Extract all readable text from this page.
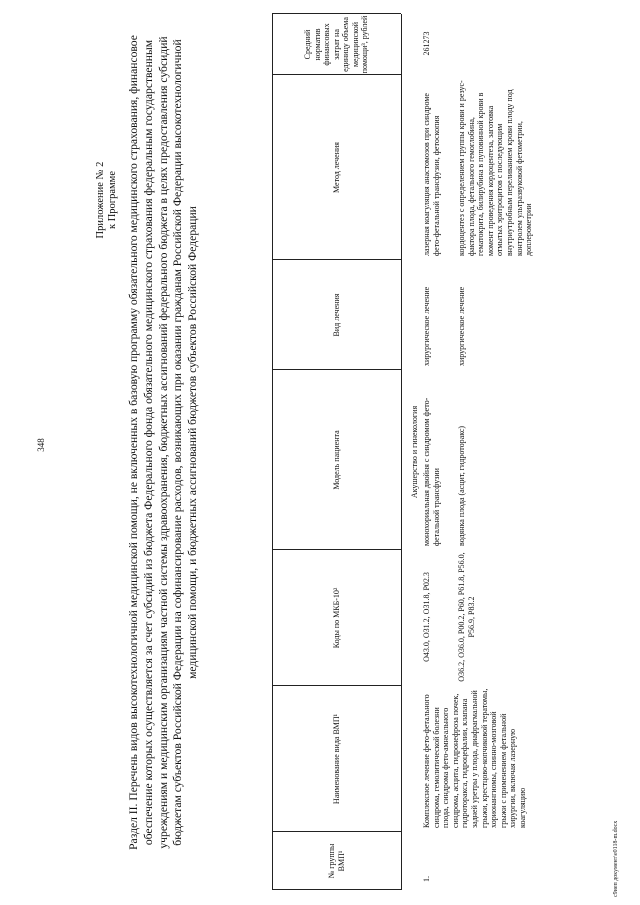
348
Приложение № 2 к Программе Раздел II. Перечень видов высокотехнологичной медицинской помощи, не включенных в базовую программу обязательного медицинского страхования, финансовое обеспечение которых осуществляется за счет субсидий из бюджета Федерального фонда обязательного медицинского страхования федеральным государственным учреждениям и медицинским организациям частной системы здравоохранения, бюджетных ассигнований федерального бюджета в целях предоставления субсидий бюджетам субъектов Российской Федерации на софинансирование расходов, возникающих при оказании гражданам Российской Федерации высокотехнологичной медицинской помощи, и бюджетных ассигнований бюджетов субъектов Российской Федерации
№ группы ВМП¹
Наименование вида ВМП¹
Коды по МКБ-10²
Модель пациента
Вид лечения
Метод лечения
Средний норматив финансовых затрат на единицу объема медицинской помощи³, рублей
Акушерство и гинекология
1.
Комплексное лечение фето-фетального синдрома, гемолитической болезни плода, синдрома фето-амнеального синдрома, асцита, гидронефроза почек, гидроторакса, гидроцефалии, клапана задней уретры у плода, диафрагмальной грыжи, крестцово-копчиковой тератомы, хорионангиомы, спинно-мозговой грыжи с применением фетальной хирургии, включая лазерную коагуляцию
O43.0, O31.2, O31.8, P02.3	O36.2, O36.0, P00.2, P60, P61.8, P56.0, P56.9, P83.2
монохориальная двойня с синдромом фето-фетальной трансфузии водянка плода (асцит, гидроторакс)
хирургическое лечение	хирургическое лечение
лазерная коагуляция анастомозов при синдроме фето-фетальной трансфузии, фетоскопия кордоцентез с определением группы крови и резус-фактора плода, фетального гемоглобина, гематокрита, билирубина в пуповинной крови в момент проведения кордоцентеза, заготовка отмытых эритроцитов с последующим внутриутробным переливанием крови плоду под контролем ультразвуковой фетометрии, доплерометрии
261273
с9иеп документ\е0118-m.docx
